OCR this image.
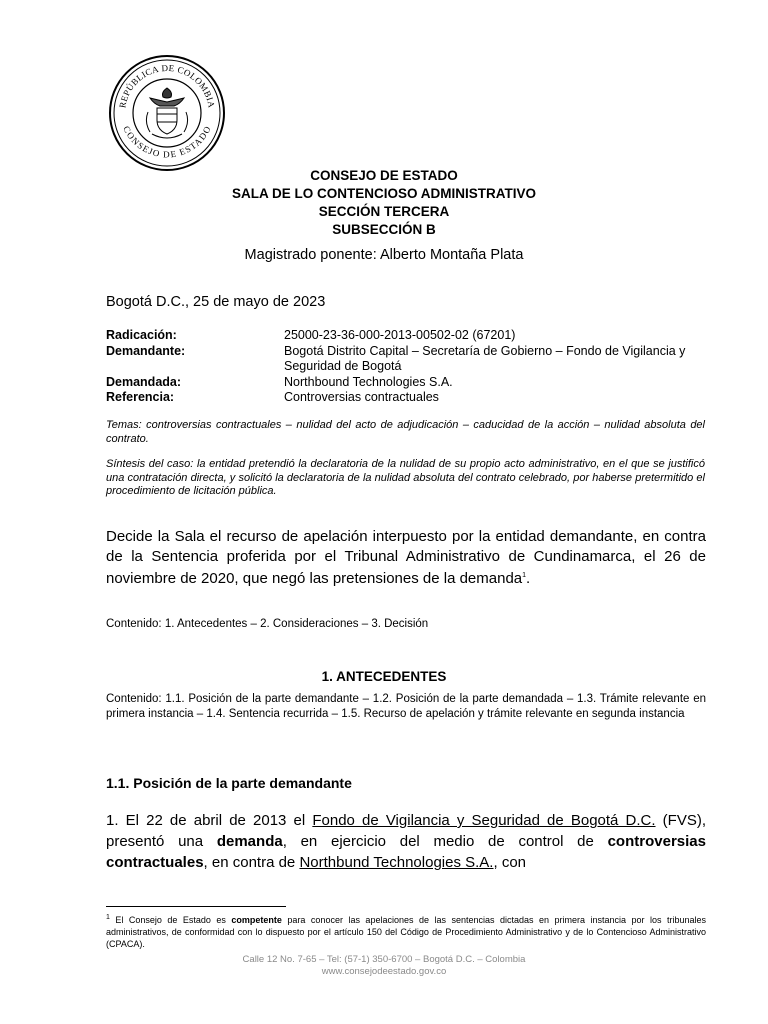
REPÚBLICA DE COLOMBIA
CONSEJO DE ESTADO
CONSEJO DE ESTADO
SALA DE LO CONTENCIOSO ADMINISTRATIVO
SECCIÓN TERCERA
SUBSECCIÓN B
Magistrado ponente: Alberto Montaña Plata
Bogotá D.C., 25 de mayo de 2023
Radicación:	25000-23-36-000-2013-00502-02 (67201)
Demandante:	Bogotá Distrito Capital – Secretaría de Gobierno – Fondo de Vigilancia y Seguridad de Bogotá
Demandada:	Northbound Technologies S.A.
Referencia:	Controversias contractuales
Temas: controversias contractuales – nulidad del acto de adjudicación – caducidad de la acción – nulidad absoluta del contrato.
Síntesis del caso: la entidad pretendió la declaratoria de la nulidad de su propio acto administrativo, en el que se justificó una contratación directa, y solicitó la declaratoria de la nulidad absoluta del contrato celebrado, por haberse pretermitido el procedimiento de licitación pública.
Decide la Sala el recurso de apelación interpuesto por la entidad demandante, en contra de la Sentencia proferida por el Tribunal Administrativo de Cundinamarca, el 26 de noviembre de 2020, que negó las pretensiones de la demanda$^1$.
Contenido: 1. Antecedentes – 2. Consideraciones – 3. Decisión
1. ANTECEDENTES
Contenido: 1.1. Posición de la parte demandante – 1.2. Posición de la parte demandada – 1.3. Trámite relevante en primera instancia – 1.4. Sentencia recurrida – 1.5. Recurso de apelación y trámite relevante en segunda instancia
1.1. Posición de la parte demandante
1. El 22 de abril de 2013 el Fondo de Vigilancia y Seguridad de Bogotá D.C. (FVS), presentó una demanda, en ejercicio del medio de control de controversias contractuales, en contra de Northbund Technologies S.A., con
$^1$ El Consejo de Estado es competente para conocer las apelaciones de las sentencias dictadas en primera instancia por los tribunales administrativos, de conformidad con lo dispuesto por el artículo 150 del Código de Procedimiento Administrativo y de lo Contencioso Administrativo (CPACA).
Calle 12 No. 7-65 – Tel: (57-1) 350-6700 – Bogotá D.C. – Colombia
www.consejodeestado.gov.co
